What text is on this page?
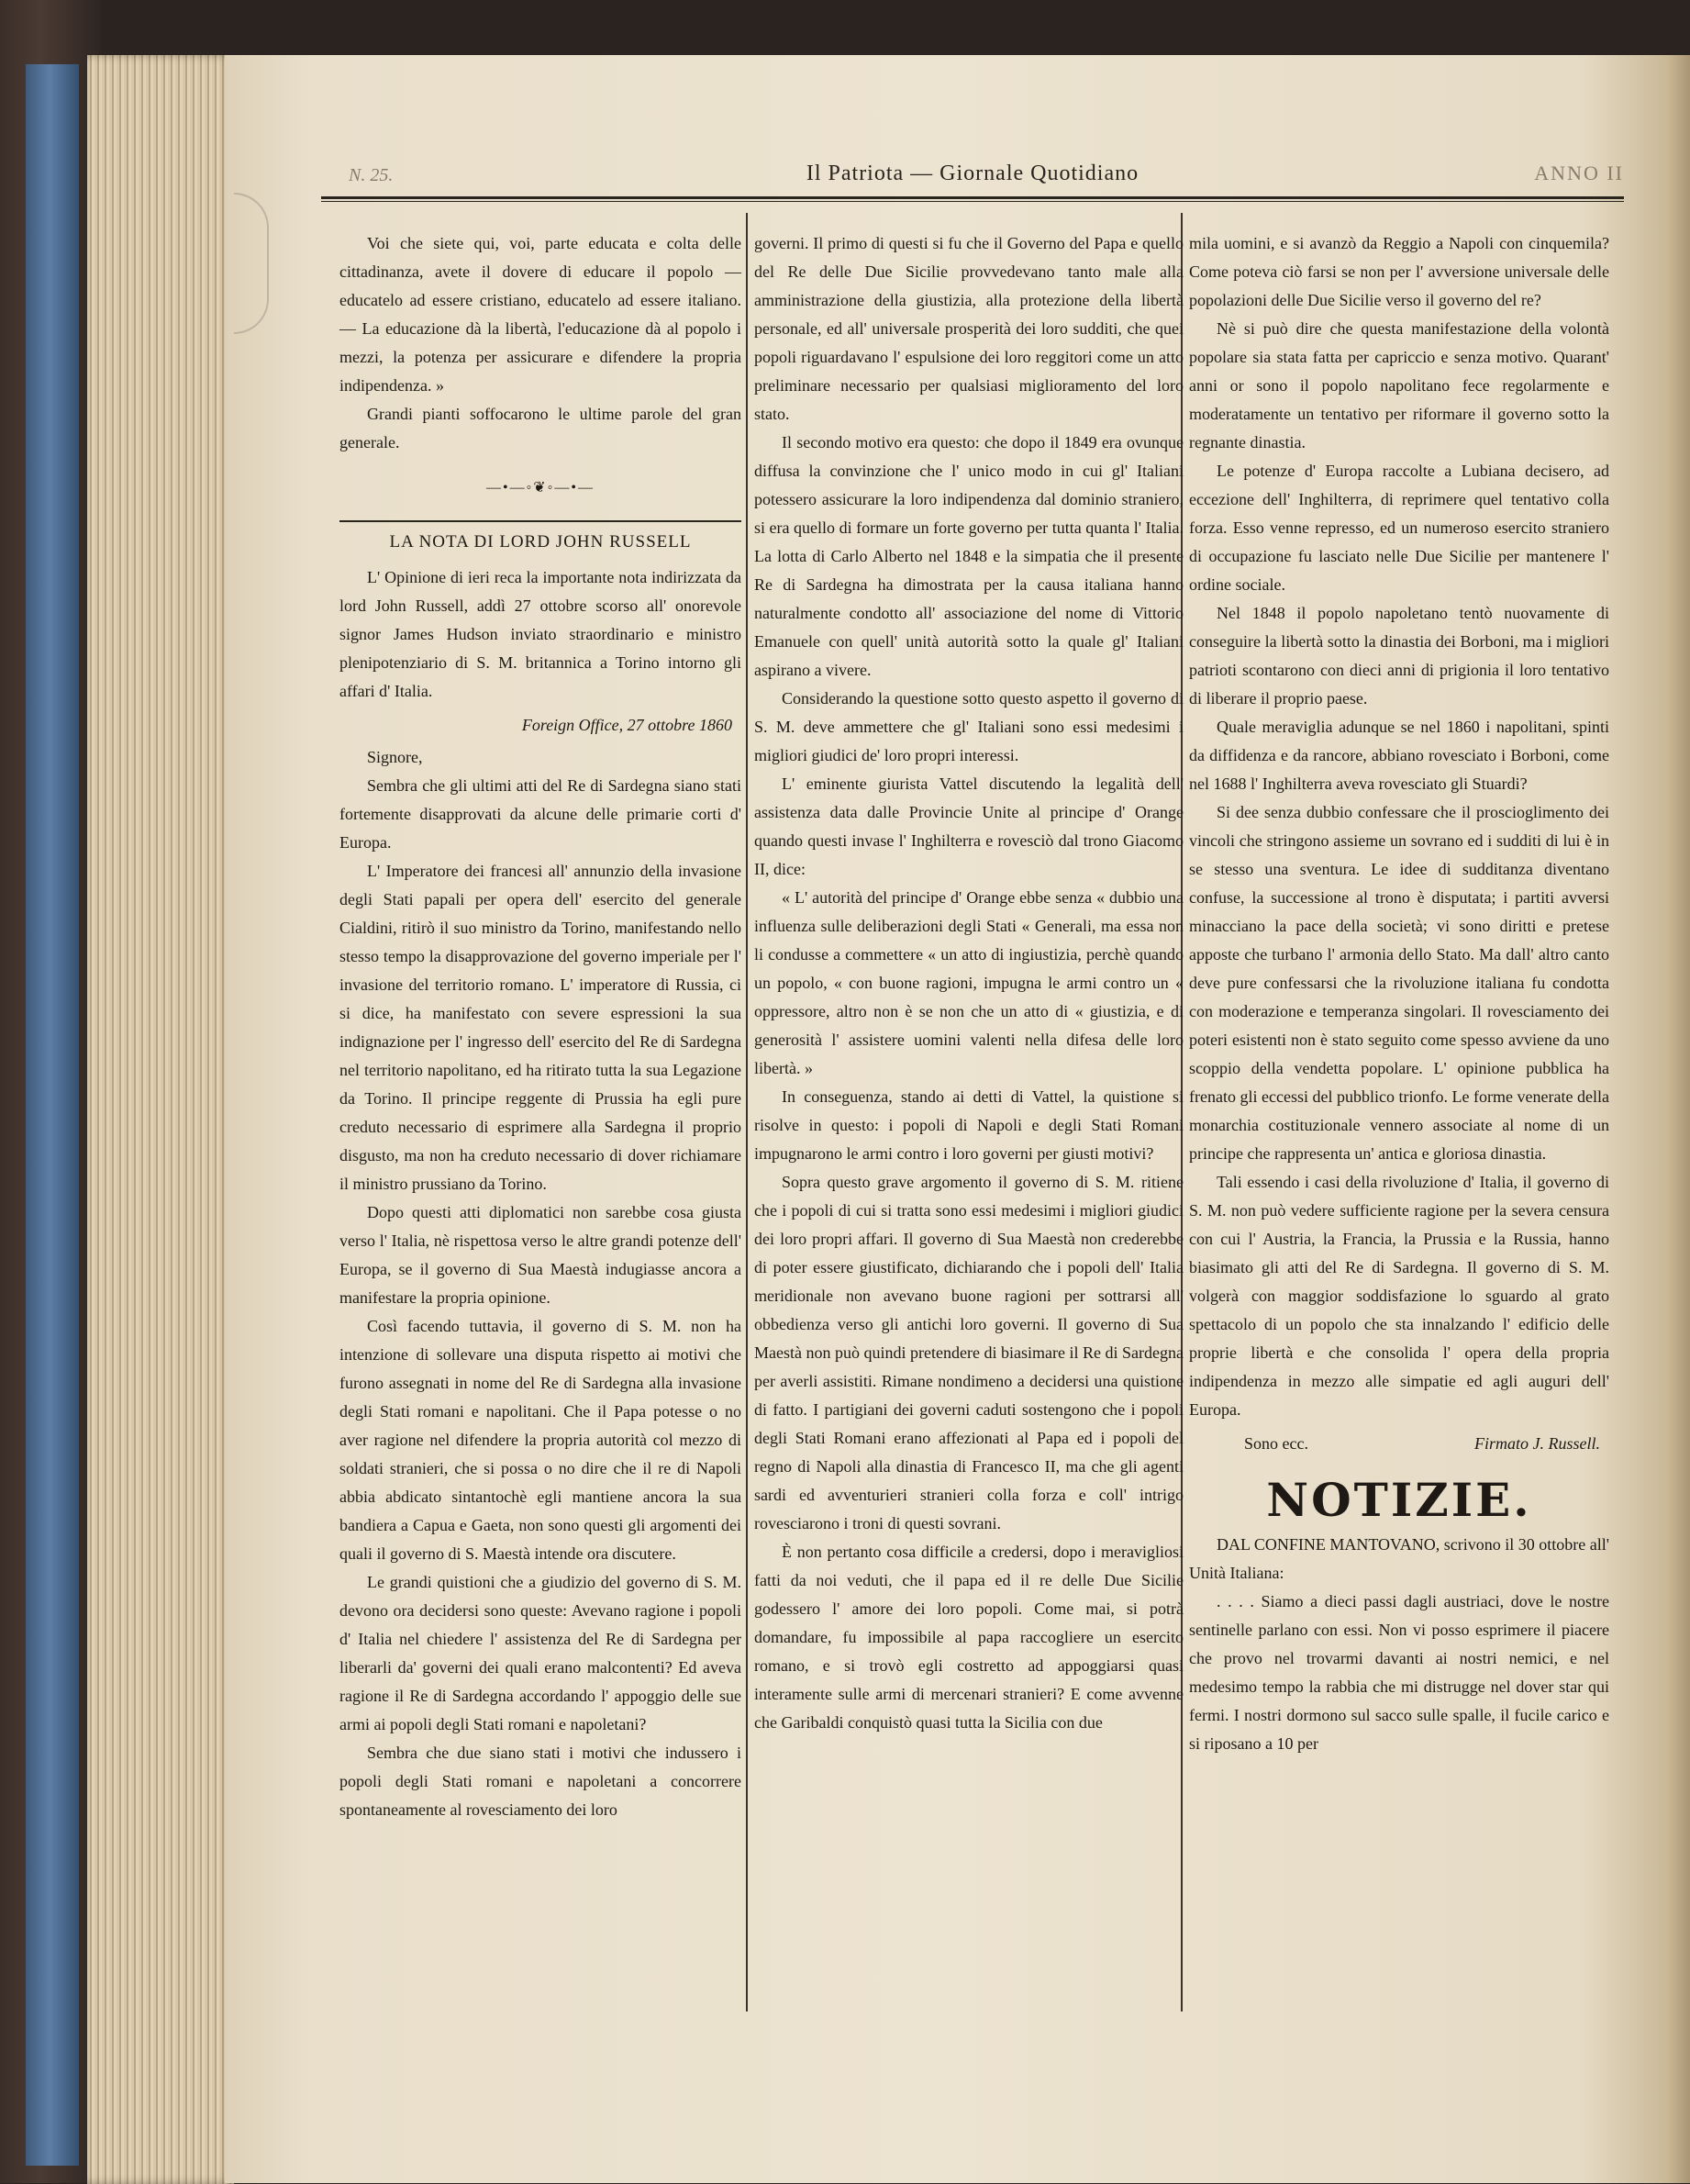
N. 25.	Il Patriota — Giornale Quotidiano	ANNO II

Voi che siete qui, voi, parte educata e colta delle cittadinanza, avete il dovere di educare il popolo — educatelo ad essere cristiano, educatelo ad essere italiano. — La educazione dà la libertà, l'educazione dà al popolo i mezzi, la potenza per assicurare e difendere la propria indipendenza. »

Grandi pianti soffocarono le ultime parole del gran generale.

—•—◦❦◦—•—
LA NOTA DI LORD JOHN RUSSELL

L' Opinione di ieri reca la importante nota indirizzata da lord John Russell, addì 27 ottobre scorso all' onorevole signor James Hudson inviato straordinario e ministro plenipotenziario di S. M. britannica a Torino intorno gli affari d' Italia.

Foreign Office, 27 ottobre 1860

Signore,

Sembra che gli ultimi atti del Re di Sardegna siano stati fortemente disapprovati da alcune delle primarie corti d' Europa.

L' Imperatore dei francesi all' annunzio della invasione degli Stati papali per opera dell' esercito del generale Cialdini, ritirò il suo ministro da Torino, manifestando nello stesso tempo la disapprovazione del governo imperiale per l' invasione del territorio romano. L' imperatore di Russia, ci si dice, ha manifestato con severe espressioni la sua indignazione per l' ingresso dell' esercito del Re di Sardegna nel territorio napolitano, ed ha ritirato tutta la sua Legazione da Torino. Il principe reggente di Prussia ha egli pure creduto necessario di esprimere alla Sardegna il proprio disgusto, ma non ha creduto necessario di dover richiamare il ministro prussiano da Torino.

Dopo questi atti diplomatici non sarebbe cosa giusta verso l' Italia, nè rispettosa verso le altre grandi potenze dell' Europa, se il governo di Sua Maestà indugiasse ancora a manifestare la propria opinione.

Così facendo tuttavia, il governo di S. M. non ha intenzione di sollevare una disputa rispetto ai motivi che furono assegnati in nome del Re di Sardegna alla invasione degli Stati romani e napolitani. Che il Papa potesse o no aver ragione nel difendere la propria autorità col mezzo di soldati stranieri, che si possa o no dire che il re di Napoli abbia abdicato sintantochè egli mantiene ancora la sua bandiera a Capua e Gaeta, non sono questi gli argomenti dei quali il governo di S. Maestà intende ora discutere.

Le grandi quistioni che a giudizio del governo di S. M. devono ora decidersi sono queste: Avevano ragione i popoli d' Italia nel chiedere l' assistenza del Re di Sardegna per liberarli da' governi dei quali erano malcontenti? Ed aveva ragione il Re di Sardegna accordando l' appoggio delle sue armi ai popoli degli Stati romani e napoletani?

Sembra che due siano stati i motivi che indussero i popoli degli Stati romani e napoletani a concorrere spontaneamente al rovesciamento dei loro

governi. Il primo di questi si fu che il Governo del Papa e quello del Re delle Due Sicilie provvedevano tanto male alla amministrazione della giustizia, alla protezione della libertà personale, ed all' universale prosperità dei loro sudditi, che quei popoli riguardavano l' espulsione dei loro reggitori come un atto preliminare necessario per qualsiasi miglioramento del loro stato.

Il secondo motivo era questo: che dopo il 1849 era ovunque diffusa la convinzione che l' unico modo in cui gl' Italiani potessero assicurare la loro indipendenza dal dominio straniero, si era quello di formare un forte governo per tutta quanta l' Italia. La lotta di Carlo Alberto nel 1848 e la simpatia che il presente Re di Sardegna ha dimostrata per la causa italiana hanno naturalmente condotto all' associazione del nome di Vittorio Emanuele con quell' unità autorità sotto la quale gl' Italiani aspirano a vivere.

Considerando la questione sotto questo aspetto il governo di S. M. deve ammettere che gl' Italiani sono essi medesimi i migliori giudici de' loro propri interessi.

L' eminente giurista Vattel discutendo la legalità dell' assistenza data dalle Provincie Unite al principe d' Orange quando questi invase l' Inghilterra e rovesciò dal trono Giacomo II, dice:

« L' autorità del principe d' Orange ebbe senza « dubbio una influenza sulle deliberazioni degli Stati « Generali, ma essa non li condusse a commettere « un atto di ingiustizia, perchè quando un popolo, « con buone ragioni, impugna le armi contro un « oppressore, altro non è se non che un atto di « giustizia, e di generosità l' assistere uomini valenti nella difesa delle loro libertà. »

In conseguenza, stando ai detti di Vattel, la quistione si risolve in questo: i popoli di Napoli e degli Stati Romani impugnarono le armi contro i loro governi per giusti motivi?

Sopra questo grave argomento il governo di S. M. ritiene che i popoli di cui si tratta sono essi medesimi i migliori giudici dei loro propri affari. Il governo di Sua Maestà non crederebbe di poter essere giustificato, dichiarando che i popoli dell' Italia meridionale non avevano buone ragioni per sottrarsi all' obbedienza verso gli antichi loro governi. Il governo di Sua Maestà non può quindi pretendere di biasimare il Re di Sardegna per averli assistiti. Rimane nondimeno a decidersi una quistione di fatto. I partigiani dei governi caduti sostengono che i popoli degli Stati Romani erano affezionati al Papa ed i popoli del regno di Napoli alla dinastia di Francesco II, ma che gli agenti sardi ed avventurieri stranieri colla forza e coll' intrigo rovesciarono i troni di questi sovrani.

È non pertanto cosa difficile a credersi, dopo i meravigliosi fatti da noi veduti, che il papa ed il re delle Due Sicilie godessero l' amore dei loro popoli. Come mai, si potrà domandare, fu impossibile al papa raccogliere un esercito romano, e si trovò egli costretto ad appoggiarsi quasi interamente sulle armi di mercenari stranieri? E come avvenne che Garibaldi conquistò quasi tutta la Sicilia con due

mila uomini, e si avanzò da Reggio a Napoli con cinquemila? Come poteva ciò farsi se non per l' avversione universale delle popolazioni delle Due Sicilie verso il governo del re?

Nè si può dire che questa manifestazione della volontà popolare sia stata fatta per capriccio e senza motivo. Quarant' anni or sono il popolo napolitano fece regolarmente e moderatamente un tentativo per riformare il governo sotto la regnante dinastia.

Le potenze d' Europa raccolte a Lubiana decisero, ad eccezione dell' Inghilterra, di reprimere quel tentativo colla forza. Esso venne represso, ed un numeroso esercito straniero di occupazione fu lasciato nelle Due Sicilie per mantenere l' ordine sociale.

Nel 1848 il popolo napoletano tentò nuovamente di conseguire la libertà sotto la dinastia dei Borboni, ma i migliori patrioti scontarono con dieci anni di prigionia il loro tentativo di liberare il proprio paese.

Quale meraviglia adunque se nel 1860 i napolitani, spinti da diffidenza e da rancore, abbiano rovesciato i Borboni, come nel 1688 l' Inghilterra aveva rovesciato gli Stuardi?

Si dee senza dubbio confessare che il proscioglimento dei vincoli che stringono assieme un sovrano ed i sudditi di lui è in se stesso una sventura. Le idee di sudditanza diventano confuse, la successione al trono è disputata; i partiti avversi minacciano la pace della società; vi sono diritti e pretese apposte che turbano l' armonia dello Stato. Ma dall' altro canto deve pure confessarsi che la rivoluzione italiana fu condotta con moderazione e temperanza singolari. Il rovesciamento dei poteri esistenti non è stato seguito come spesso avviene da uno scoppio della vendetta popolare. L' opinione pubblica ha frenato gli eccessi del pubblico trionfo. Le forme venerate della monarchia costituzionale vennero associate al nome di un principe che rappresenta un' antica e gloriosa dinastia.

Tali essendo i casi della rivoluzione d' Italia, il governo di S. M. non può vedere sufficiente ragione per la severa censura con cui l' Austria, la Francia, la Prussia e la Russia, hanno biasimato gli atti del Re di Sardegna. Il governo di S. M. volgerà con maggior soddisfazione lo sguardo al grato spettacolo di un popolo che sta innalzando l' edificio delle proprie libertà e che consolida l' opera della propria indipendenza in mezzo alle simpatie ed agli auguri dell' Europa.

Sono ecc.	Firmato J. Russell.
NOTIZIE.

DAL CONFINE MANTOVANO, scrivono il 30 ottobre all' Unità Italiana:

. . . . Siamo a dieci passi dagli austriaci, dove le nostre sentinelle parlano con essi. Non vi posso esprimere il piacere che provo nel trovarmi davanti ai nostri nemici, e nel medesimo tempo la rabbia che mi distrugge nel dover star qui fermi. I nostri dormono sul sacco sulle spalle, il fucile carico e si riposano a 10 per
